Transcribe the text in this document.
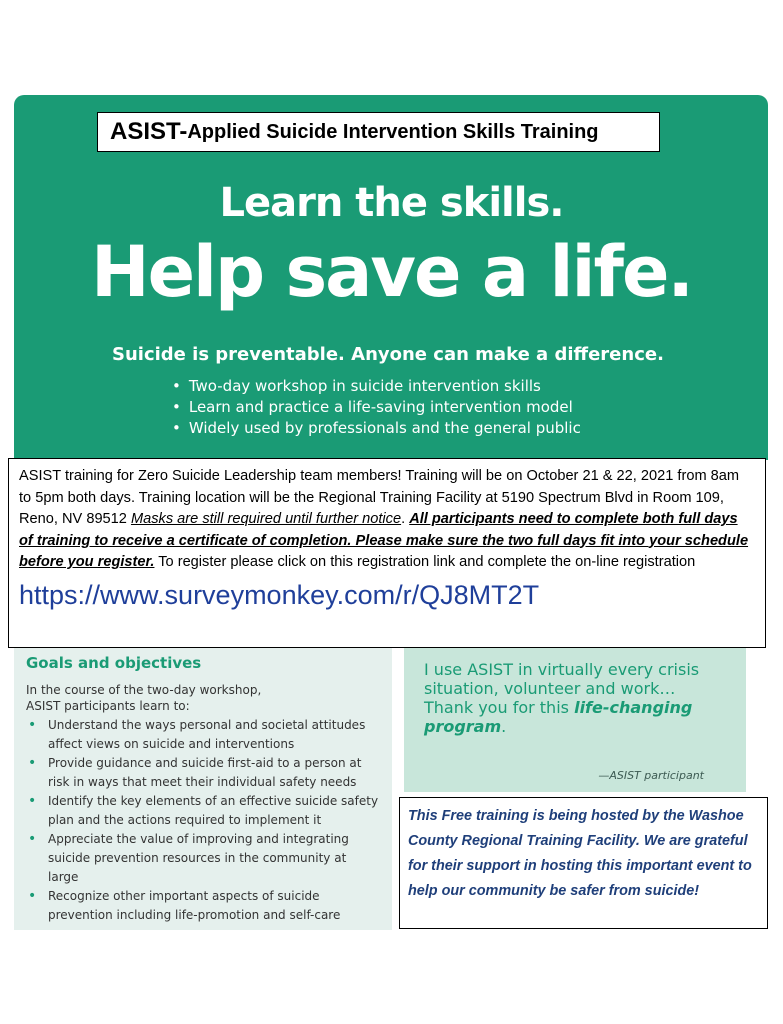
ASIST- Applied Suicide Intervention Skills Training
Learn the skills.
Help save a life.
Suicide is preventable. Anyone can make a difference.
• Two-day workshop in suicide intervention skills
• Learn and practice a life-saving intervention model
• Widely used by professionals and the general public
ASIST training for Zero Suicide Leadership team members! Training will be on October 21 & 22, 2021 from 8am to 5pm both days. Training location will be the Regional Training Facility at 5190 Spectrum Blvd in Room 109, Reno, NV 89512 Masks are still required until further notice. All participants need to complete both full days of training to receive a certificate of completion. Please make sure the two full days fit into your schedule before you register. To register please click on this registration link and complete the on-line registration
https://www.surveymonkey.com/r/QJ8MT2T
Goals and objectives
In the course of the two-day workshop,
ASIST participants learn to:
• Understand the ways personal and societal attitudes affect views on suicide and interventions
• Provide guidance and suicide first-aid to a person at risk in ways that meet their individual safety needs
• Identify the key elements of an effective suicide safety plan and the actions required to implement it
• Appreciate the value of improving and integrating suicide prevention resources in the community at large
• Recognize other important aspects of suicide prevention including life-promotion and self-care
I use ASIST in virtually every crisis situation, volunteer and work… Thank you for this life-changing program.
—ASIST participant
This Free training is being hosted by the Washoe County Regional Training Facility. We are grateful for their support in hosting this important event to help our community be safer from suicide!
